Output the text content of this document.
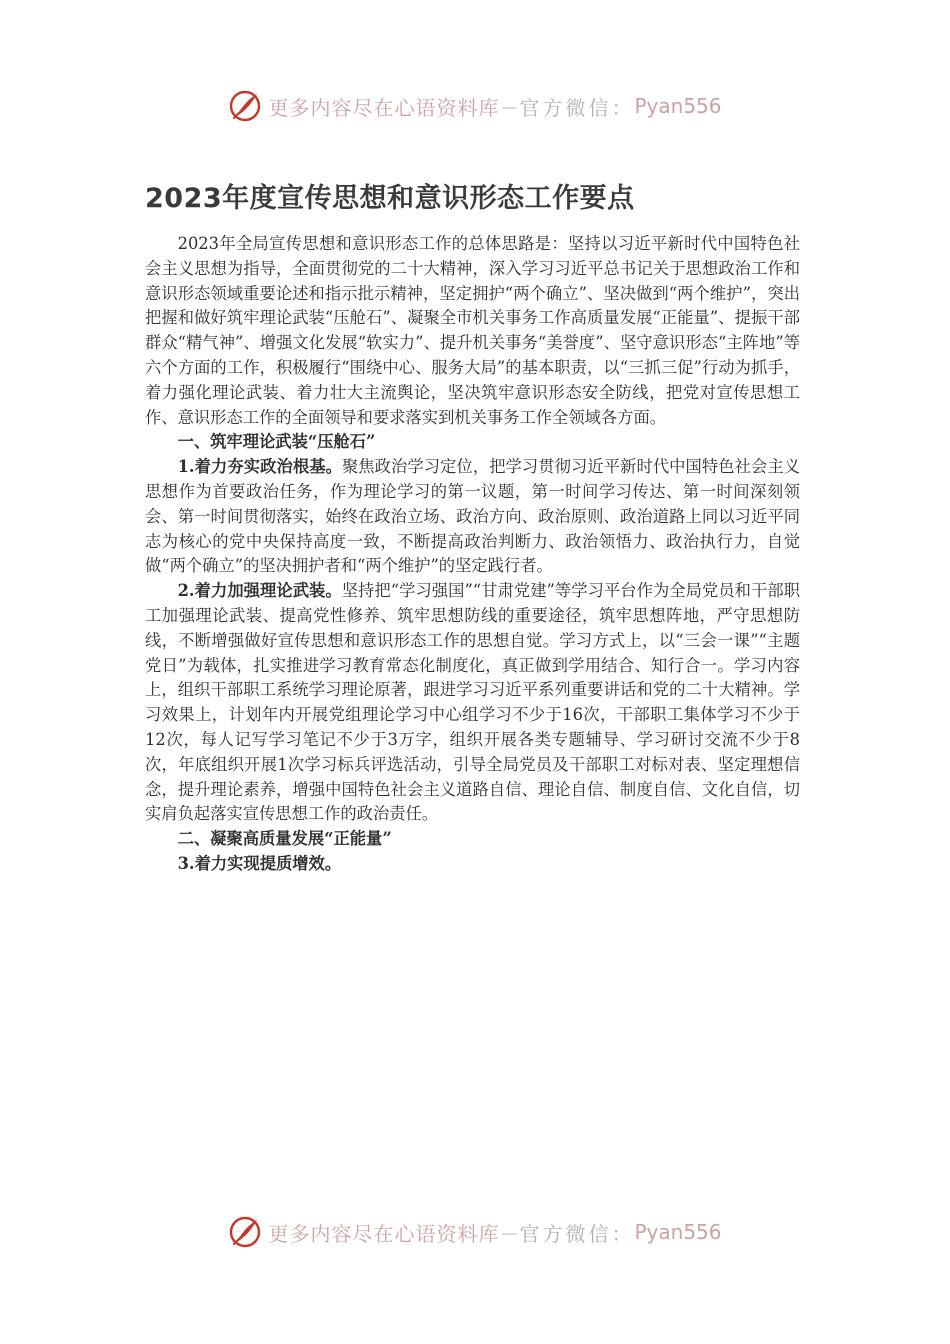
更多内容尽在心语资料库 — 官方微信： Pyan556
2023年度宣传思想和意识形态工作要点

2023年全局宣传思想和意识形态工作的总体思路是：坚持以习近平新时代中国特色社会主义思想为指导，全面贯彻党的二十大精神，深入学习习近平总书记关于思想政治工作和意识形态领域重要论述和指示批示精神，坚定拥护“两个确立”、坚决做到“两个维护”，突出把握和做好筑牢理论武装“压舱石”、凝聚全市机关事务工作高质量发展“正能量”、提振干部群众“精气神”、增强文化发展“软实力”、提升机关事务“美誉度”、坚守意识形态“主阵地”等六个方面的工作，积极履行“围绕中心、服务大局”的基本职责，以“三抓三促”行动为抓手，着力强化理论武装、着力壮大主流舆论，坚决筑牢意识形态安全防线，把党对宣传思想工作、意识形态工作的全面领导和要求落实到机关事务工作全领域各方面。

一、筑牢理论武装“压舱石”

1.着力夯实政治根基。聚焦政治学习定位，把学习贯彻习近平新时代中国特色社会主义思想作为首要政治任务，作为理论学习的第一议题，第一时间学习传达、第一时间深刻领会、第一时间贯彻落实，始终在政治立场、政治方向、政治原则、政治道路上同以习近平同志为核心的党中央保持高度一致，不断提高政治判断力、政治领悟力、政治执行力，自觉做“两个确立”的坚决拥护者和“两个维护”的坚定践行者。

2.着力加强理论武装。坚持把“学习强国”“甘肃党建”等学习平台作为全局党员和干部职工加强理论武装、提高党性修养、筑牢思想防线的重要途径，筑牢思想阵地，严守思想防线，不断增强做好宣传思想和意识形态工作的思想自觉。学习方式上，以“三会一课”“主题党日”为载体，扎实推进学习教育常态化制度化，真正做到学用结合、知行合一。学习内容上，组织干部职工系统学习理论原著，跟进学习习近平系列重要讲话和党的二十大精神。学习效果上，计划年内开展党组理论学习中心组学习不少于16次，干部职工集体学习不少于12次，每人记写学习笔记不少于3万字，组织开展各类专题辅导、学习研讨交流不少于8次，年底组织开展1次学习标兵评选活动，引导全局党员及干部职工对标对表、坚定理想信念，提升理论素养，增强中国特色社会主义道路自信、理论自信、制度自信、文化自信，切实肩负起落实宣传思想工作的政治责任。

二、凝聚高质量发展“正能量”

3.着力实现提质增效。

更多内容尽在心语资料库 — 官方微信： Pyan556
